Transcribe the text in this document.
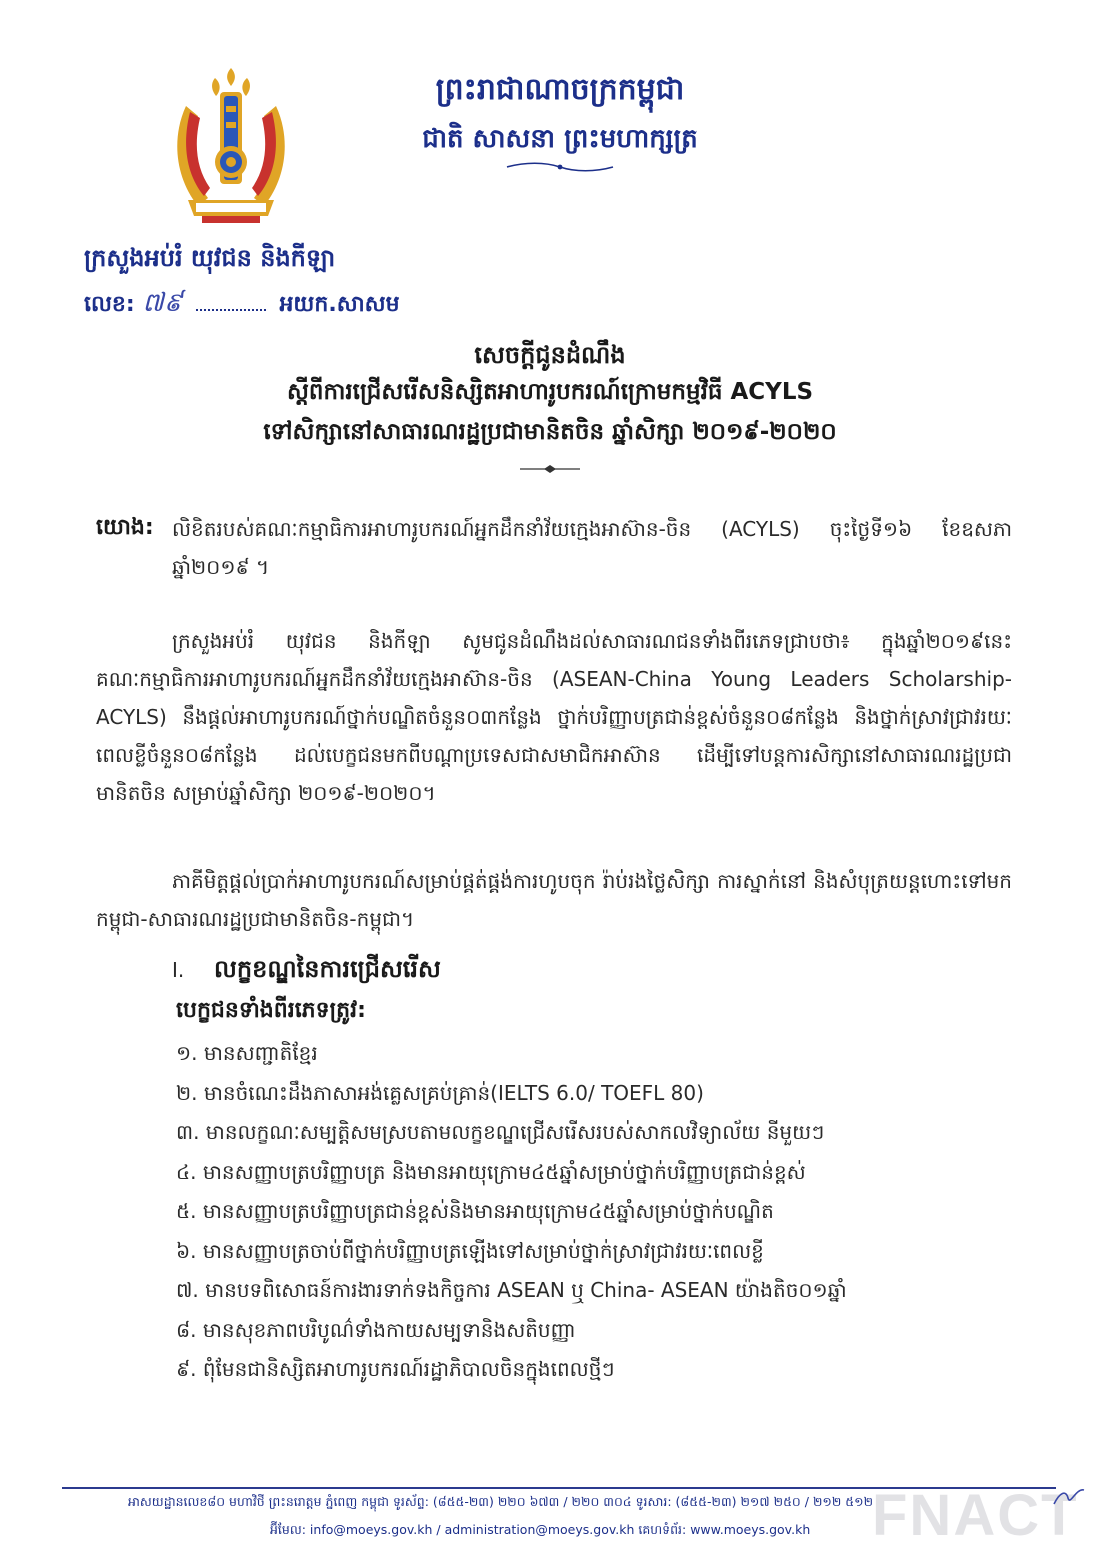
ព្រះរាជាណាចក្រកម្ពុជា
ជាតិ សាសនា ព្រះមហាក្សត្រ
ក្រសួងអប់រំ យុវជន និងកីឡា
លេខ: ៧៩	អយក.សាសម
សេចក្តីជូនដំណឹង
ស្តីពីការជ្រើសរើសនិស្សិតអាហារូបករណ៍ក្រោមកម្មវិធី ACYLS
ទៅសិក្សានៅសាធារណរដ្ឋប្រជាមានិតចិន ឆ្នាំសិក្សា ២០១៩-២០២០
យោង: លិខិតរបស់គណៈកម្មាធិការអាហារូបករណ៍អ្នកដឹកនាំវ័យក្មេងអាស៊ាន-ចិន (ACYLS) ចុះថ្ងៃទី១៦ ខែឧសភា ឆ្នាំ២០១៩ ។
ក្រសួងអប់រំ យុវជន និងកីឡា សូមជូនដំណឹងដល់សាធារណជនទាំងពីរភេទជ្រាបថា៖ ក្នុងឆ្នាំ២០១៩នេះ គណៈកម្មាធិការអាហារូបករណ៍អ្នកដឹកនាំវ័យក្មេងអាស៊ាន-ចិន (ASEAN-China Young Leaders Scholarship-ACYLS) នឹងផ្តល់អាហារូបករណ៍ថ្នាក់បណ្ឌិតចំនួន០៣កន្លែង ថ្នាក់បរិញ្ញាបត្រជាន់ខ្ពស់ចំនួន០៨កន្លែង និងថ្នាក់ស្រាវជ្រាវរយៈពេលខ្លីចំនួន០៨កន្លែង ដល់បេក្ខជនមកពីបណ្តាប្រទេសជាសមាជិកអាស៊ាន ដើម្បីទៅបន្តការសិក្សានៅសាធារណរដ្ឋប្រជាមានិតចិន សម្រាប់ឆ្នាំសិក្សា ២០១៩-២០២០។
ភាគីមិត្តផ្តល់ប្រាក់អាហារូបករណ៍សម្រាប់ផ្គត់ផ្គង់ការហូបចុក រ៉ាប់រងថ្លៃសិក្សា ការស្នាក់នៅ និងសំបុត្រយន្តហោះទៅមកកម្ពុជា-សាធារណរដ្ឋប្រជាមានិតចិន-កម្ពុជា។
I. លក្ខខណ្ឌនៃការជ្រើសរើស
បេក្ខជនទាំងពីរភេទត្រូវ:
១. មានសញ្ជាតិខ្មែរ
២. មានចំណេះដឹងភាសាអង់គ្លេសគ្រប់គ្រាន់(IELTS 6.0/ TOEFL 80)
៣. មានលក្ខណៈសម្បត្តិសមស្របតាមលក្ខខណ្ឌជ្រើសរើសរបស់សាកលវិទ្យាល័យ នីមួយៗ
៤. មានសញ្ញាបត្របរិញ្ញាបត្រ និងមានអាយុក្រោម៤៥ឆ្នាំសម្រាប់ថ្នាក់បរិញ្ញាបត្រជាន់ខ្ពស់
៥. មានសញ្ញាបត្របរិញ្ញាបត្រជាន់ខ្ពស់និងមានអាយុក្រោម៤៥ឆ្នាំសម្រាប់ថ្នាក់បណ្ឌិត
៦. មានសញ្ញាបត្រចាប់ពីថ្នាក់បរិញ្ញាបត្រឡើងទៅសម្រាប់ថ្នាក់ស្រាវជ្រាវរយៈពេលខ្លី
៧. មានបទពិសោធន៍ការងារទាក់ទងកិច្ចការ ASEAN ឬ China- ASEAN យ៉ាងតិច០១ឆ្នាំ
៨. មានសុខភាពបរិបូណ៌ទាំងកាយសម្បទានិងសតិបញ្ញា
៩. ពុំមែនជានិស្សិតអាហារូបករណ៍រដ្ឋាភិបាលចិនក្នុងពេលថ្មីៗ
អាសយដ្ឋានលេខ៨០ មហាវិថី ព្រះនរោត្តម ភ្នំពេញ កម្ពុជា ទូរស័ព្ទ: (៨៥៥-២៣) ២២០ ៦៧៣ / ២២០ ៣០៤ ទូរសារ: (៨៥៥-២៣) ២១៧ ២៥០ / ២១២ ៥១២
អ៊ីមែល: info@moeys.gov.kh / administration@moeys.gov.kh គេហទំព័រ: www.moeys.gov.kh FNACT
